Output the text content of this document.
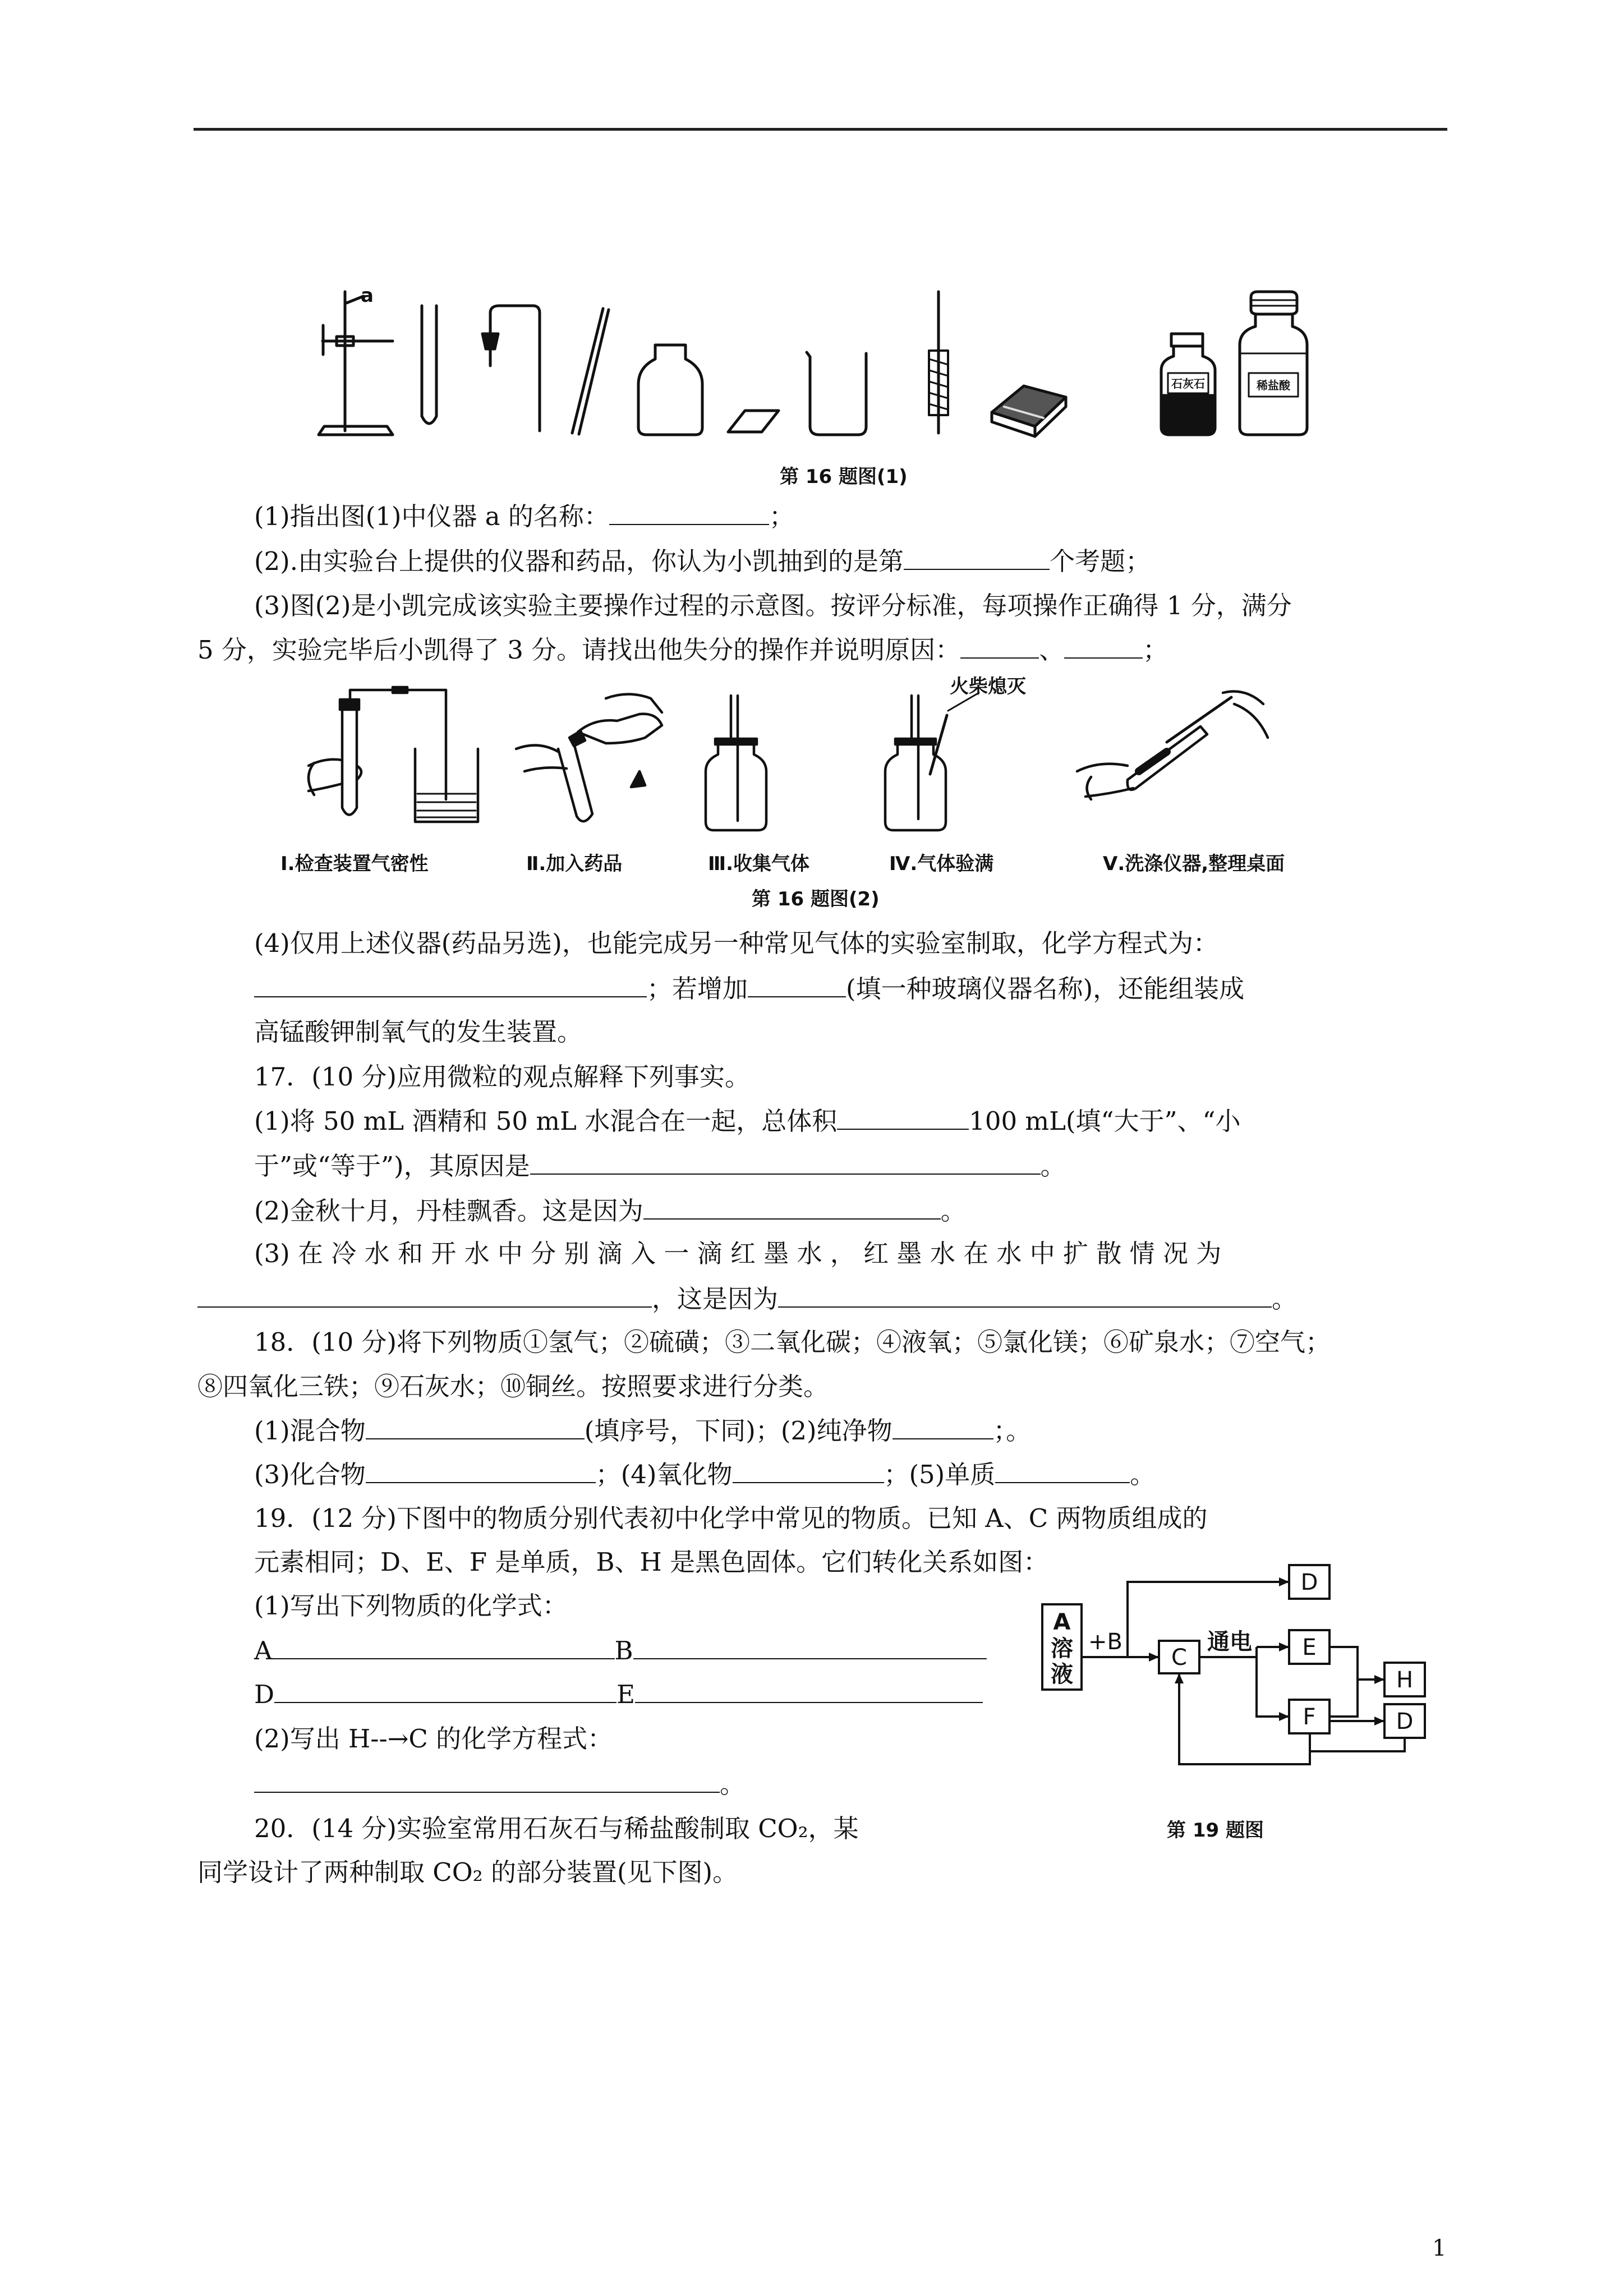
a
石灰石	稀盐酸
第 16 题图(1)
(1)指出图(1)中仪器 a 的名称：	；
(2).由实验台上提供的仪器和药品，你认为小凯抽到的是第	个考题；
(3)图(2)是小凯完成该实验主要操作过程的示意图。按评分标准，每项操作正确得 1 分，满分
5 分，实验完毕后小凯得了 3 分。请找出他失分的操作并说明原因：	、	；
火柴熄灭
Ⅰ.检查装置气密性	Ⅱ.加入药品	Ⅲ.收集气体	Ⅳ.气体验满	Ⅴ.洗涤仪器,整理桌面
第 16 题图(2)
(4)仅用上述仪器(药品另选)，也能完成另一种常见气体的实验室制取，化学方程式为：
；若增加	(填一种玻璃仪器名称)，还能组装成
高锰酸钾制氧气的发生装置。
17．(10 分)应用微粒的观点解释下列事实。
(1)将 50 mL 酒精和 50 mL 水混合在一起，总体积	100 mL(填“大于”、“小
于”或“等于”)，其原因是	。
(2)金秋十月，丹桂飘香。这是因为	。
(3) 在 冷 水 和 开 水 中 分 别 滴 入 一 滴 红 墨 水 ， 红 墨 水 在 水 中 扩 散 情 况 为
，这是因为	。
18．(10 分)将下列物质①氢气；②硫磺；③二氧化碳；④液氧；⑤氯化镁；⑥矿泉水；⑦空气；
⑧四氧化三铁；⑨石灰水；⑩铜丝。按照要求进行分类。
(1)混合物	(填序号，下同)；(2)纯净物	；。
(3)化合物	；(4)氧化物	；(5)单质	。
19．(12 分)下图中的物质分别代表初中化学中常见的物质。已知 A、C 两物质组成的
元素相同；D、E、F 是单质，B、H 是黑色固体。它们转化关系如图：
(1)写出下列物质的化学式：
A	B
D	E
(2)写出 H--→C 的化学方程式：
。
A
溶
液
+B
C
通电
D
E
F
H
D
第 19 题图
20．(14 分)实验室常用石灰石与稀盐酸制取 CO₂，某
同学设计了两种制取 CO₂ 的部分装置(见下图)。
1
